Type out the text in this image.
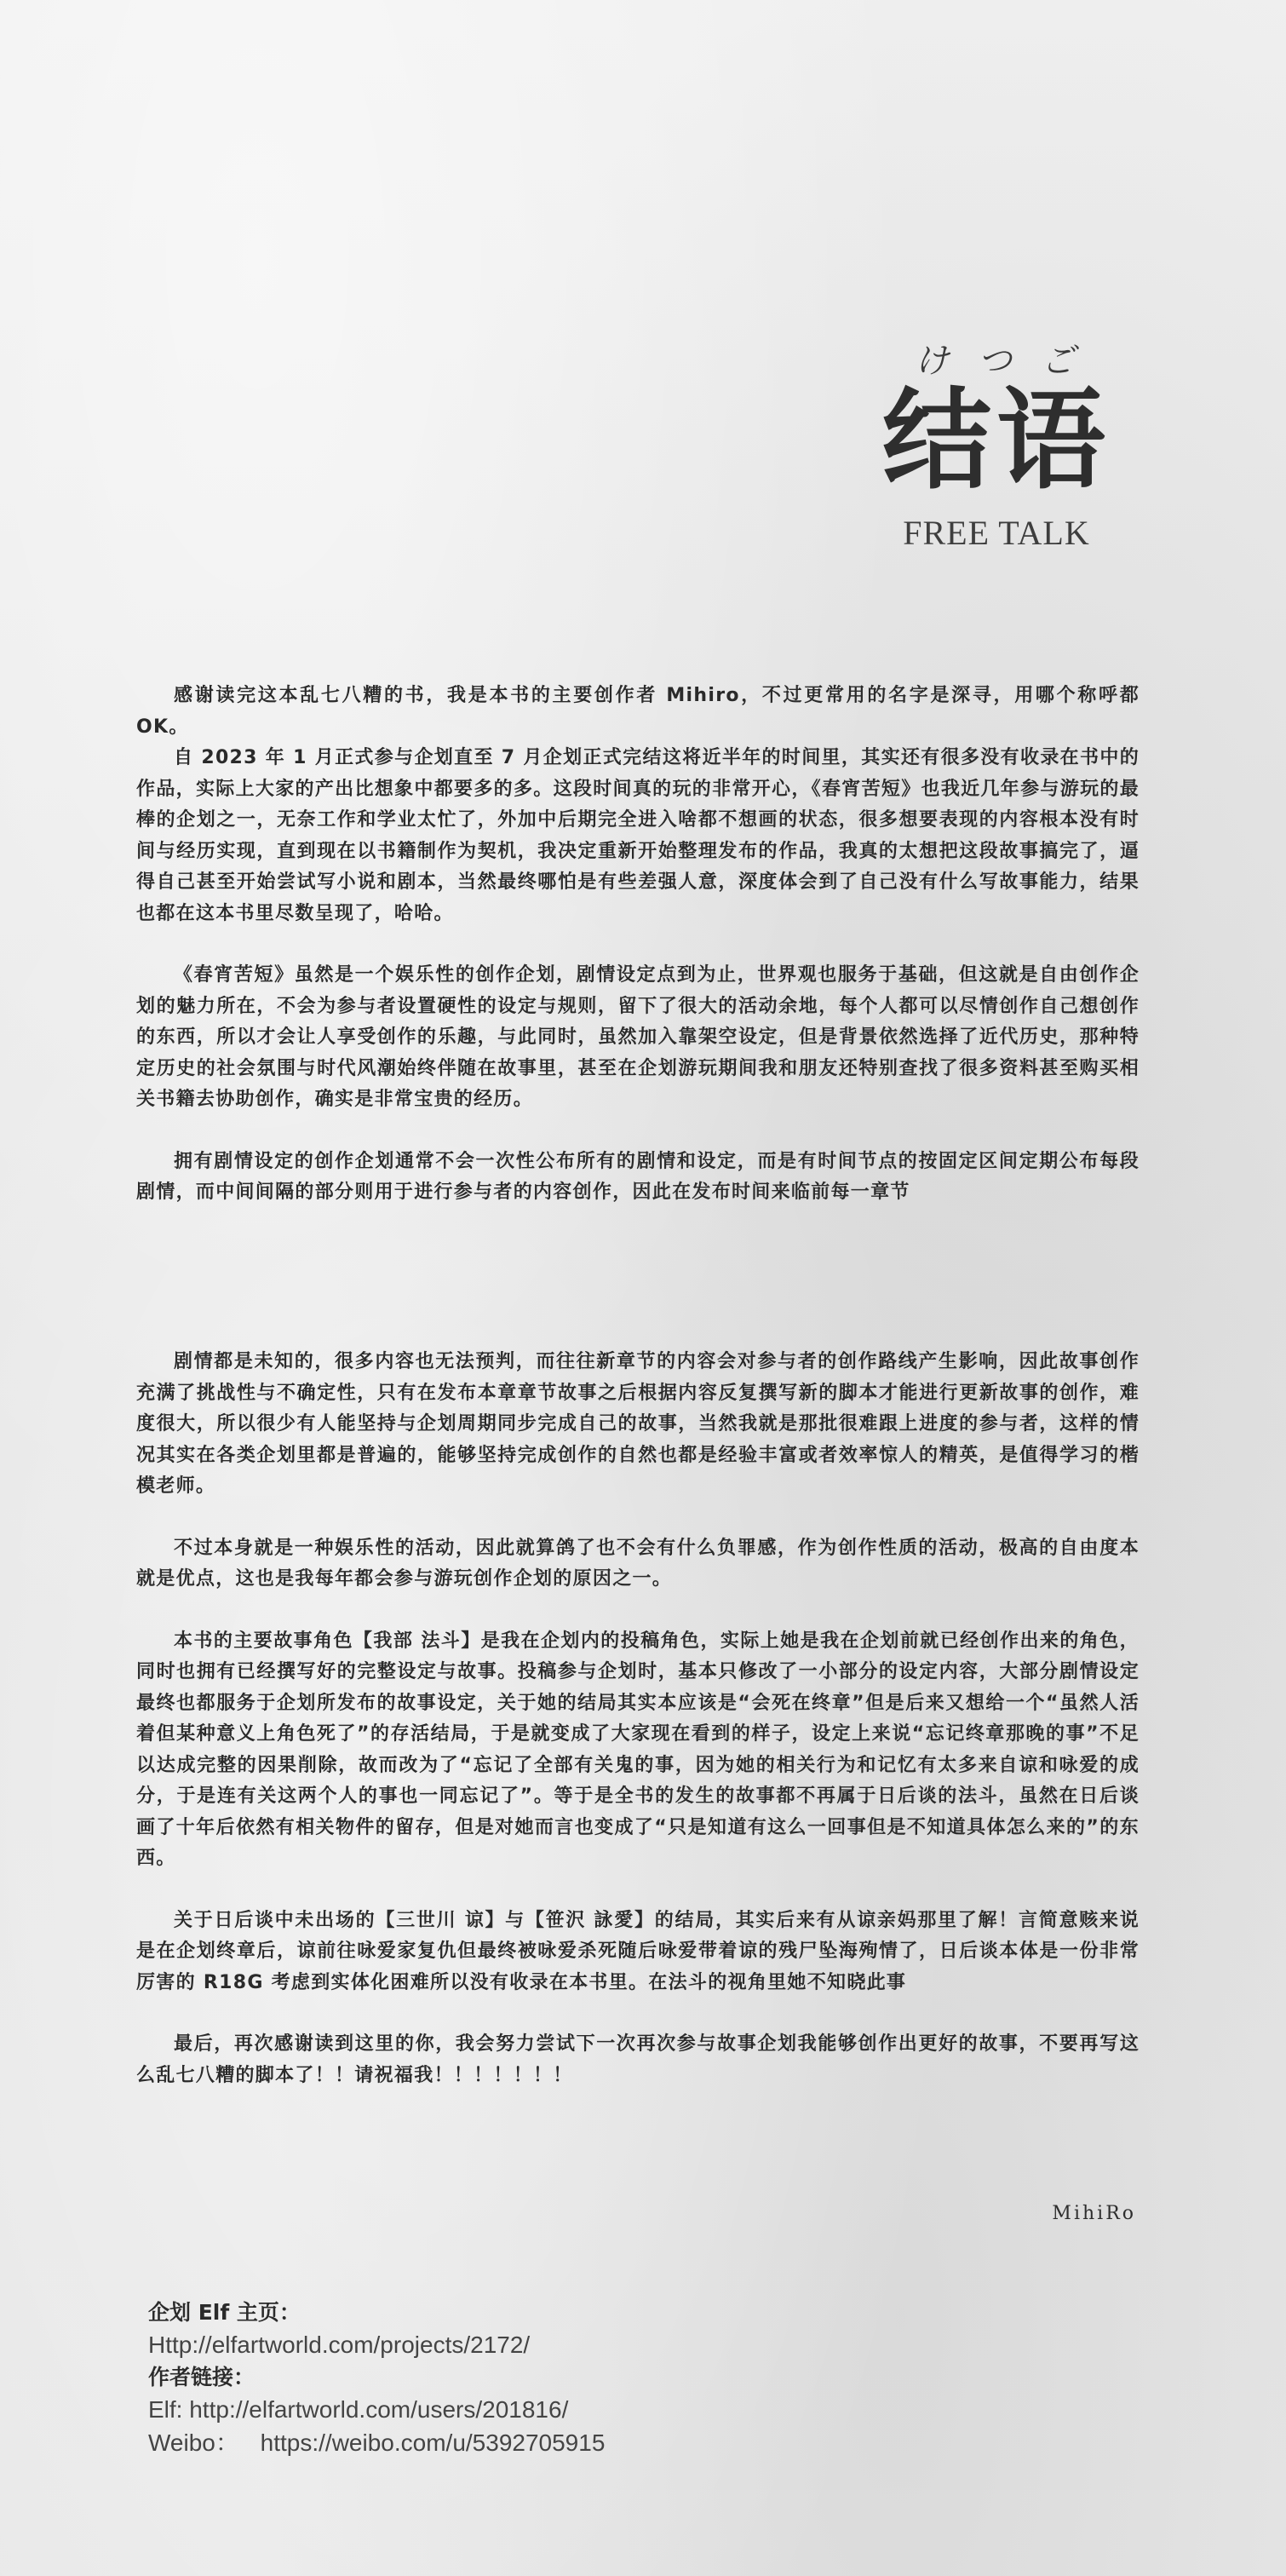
けつご
结语
FREE TALK

感谢读完这本乱七八糟的书，我是本书的主要创作者 Mihiro，不过更常用的名字是深寻，用哪个称呼都 OK。

自 2023 年 1 月正式参与企划直至 7 月企划正式完结这将近半年的时间里，其实还有很多没有收录在书中的作品，实际上大家的产出比想象中都要多的多。这段时间真的玩的非常开心，《春宵苦短》也我近几年参与游玩的最棒的企划之一，无奈工作和学业太忙了，外加中后期完全进入啥都不想画的状态，很多想要表现的内容根本没有时间与经历实现，直到现在以书籍制作为契机，我决定重新开始整理发布的作品，我真的太想把这段故事搞完了，逼得自己甚至开始尝试写小说和剧本，当然最终哪怕是有些差强人意，深度体会到了自己没有什么写故事能力，结果也都在这本书里尽数呈现了，哈哈。

《春宵苦短》虽然是一个娱乐性的创作企划，剧情设定点到为止，世界观也服务于基础，但这就是自由创作企划的魅力所在，不会为参与者设置硬性的设定与规则，留下了很大的活动余地，每个人都可以尽情创作自己想创作的东西，所以才会让人享受创作的乐趣，与此同时，虽然加入靠架空设定，但是背景依然选择了近代历史，那种特定历史的社会氛围与时代风潮始终伴随在故事里，甚至在企划游玩期间我和朋友还特别查找了很多资料甚至购买相关书籍去协助创作，确实是非常宝贵的经历。

拥有剧情设定的创作企划通常不会一次性公布所有的剧情和设定，而是有时间节点的按固定区间定期公布每段剧情，而中间间隔的部分则用于进行参与者的内容创作，因此在发布时间来临前每一章节

剧情都是未知的，很多内容也无法预判，而往往新章节的内容会对参与者的创作路线产生影响，因此故事创作充满了挑战性与不确定性，只有在发布本章章节故事之后根据内容反复撰写新的脚本才能进行更新故事的创作，难度很大，所以很少有人能坚持与企划周期同步完成自己的故事，当然我就是那批很难跟上进度的参与者，这样的情况其实在各类企划里都是普遍的，能够坚持完成创作的自然也都是经验丰富或者效率惊人的精英，是值得学习的楷模老师。

不过本身就是一种娱乐性的活动，因此就算鸽了也不会有什么负罪感，作为创作性质的活动，极高的自由度本就是优点，这也是我每年都会参与游玩创作企划的原因之一。

本书的主要故事角色【我部 法斗】是我在企划内的投稿角色，实际上她是我在企划前就已经创作出来的角色，同时也拥有已经撰写好的完整设定与故事。投稿参与企划时，基本只修改了一小部分的设定内容，大部分剧情设定最终也都服务于企划所发布的故事设定，关于她的结局其实本应该是“会死在终章”但是后来又想给一个“虽然人活着但某种意义上角色死了”的存活结局，于是就变成了大家现在看到的样子，设定上来说“忘记终章那晚的事”不足以达成完整的因果削除，故而改为了“忘记了全部有关鬼的事，因为她的相关行为和记忆有太多来自谅和咏爱的成分，于是连有关这两个人的事也一同忘记了”。等于是全书的发生的故事都不再属于日后谈的法斗，虽然在日后谈画了十年后依然有相关物件的留存，但是对她而言也变成了“只是知道有这么一回事但是不知道具体怎么来的”的东西。

关于日后谈中未出场的【三世川 谅】与【笹沢 詠愛】的结局，其实后来有从谅亲妈那里了解！言简意赅来说是在企划终章后，谅前往咏爱家复仇但最终被咏爱杀死随后咏爱带着谅的残尸坠海殉情了，日后谈本体是一份非常厉害的 R18G 考虑到实体化困难所以没有收录在本书里。在法斗的视角里她不知晓此事

最后，再次感谢读到这里的你，我会努力尝试下一次再次参与故事企划我能够创作出更好的故事，不要再写这么乱七八糟的脚本了！！请祝福我！！！！！！！

MihiRo
企划 Elf 主页：
Http://elfartworld.com/projects/2172/
作者链接：
Elf: http://elfartworld.com/users/201816/
Weibo： https://weibo.com/u/5392705915
